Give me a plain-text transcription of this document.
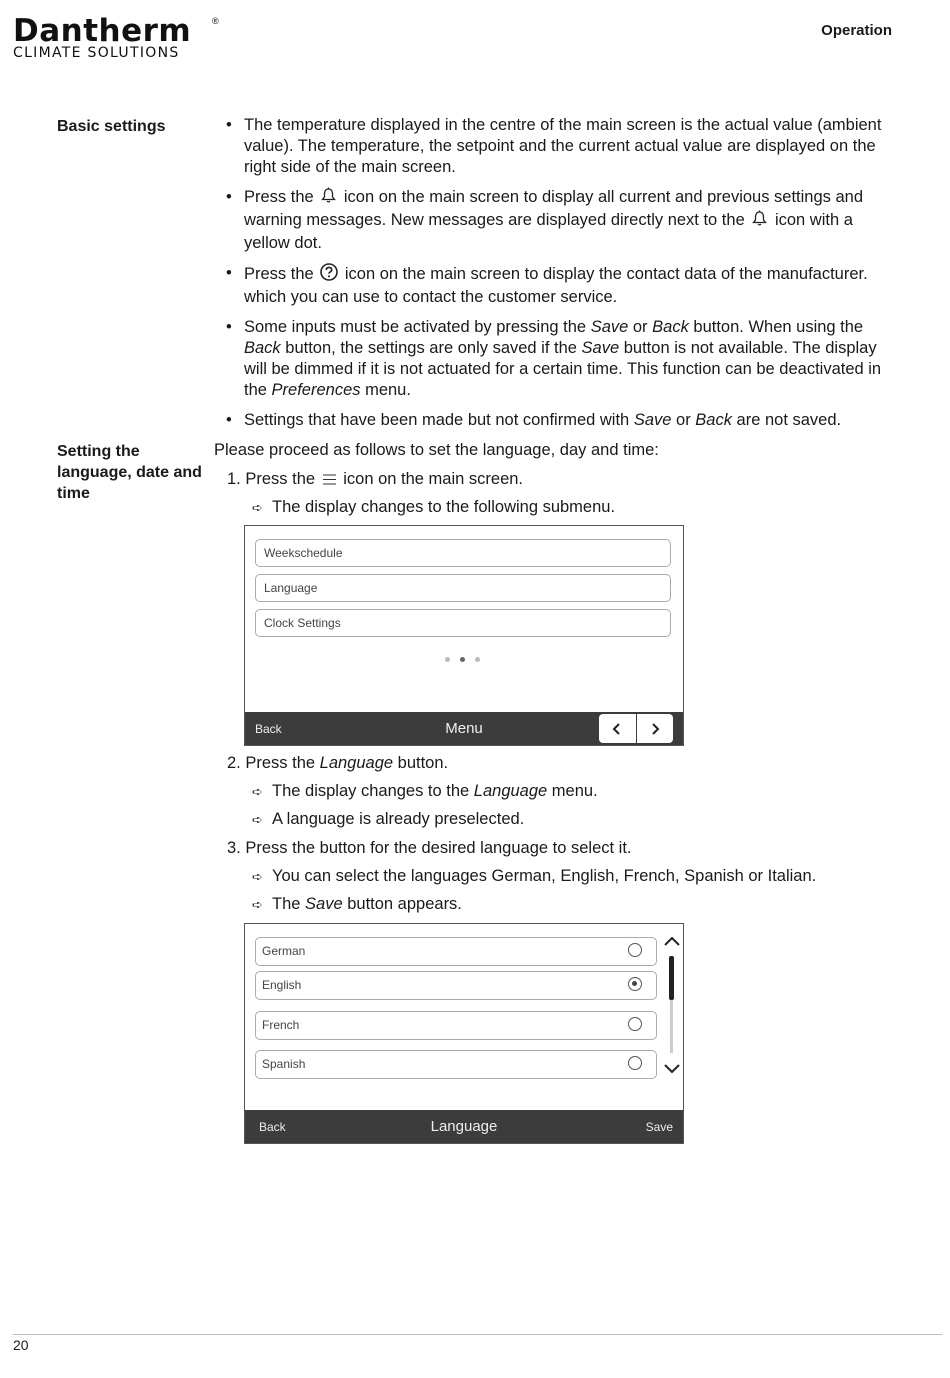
Dantherm ®
CLIMATE SOLUTIONS
Operation
Basic settings	• The temperature displayed in the centre of the main screen is the actual value (ambient value). The temperature, the setpoint and the current actual value are displayed on the right side of the main screen.
• Press the icon on the main screen to display all current and previous settings and warning messages. New messages are displayed directly next to the icon with a yellow dot.
• Press the icon on the main screen to display the contact data of the manufacturer. which you can use to contact the customer service.
• Some inputs must be activated by pressing the Save or Back button. When using the Back button, the settings are only saved if the Save button is not available. The display will be dimmed if it is not actuated for a certain time. This function can be deactivated in the Preferences menu.
• Settings that have been made but not confirmed with Save or Back are not saved.
Setting the language, date and time
Please proceed as follows to set the language, day and time:
1. Press the icon on the main screen.
➪ The display changes to the following submenu.
Weekschedule
Language
Clock Settings
Back	Menu
2. Press the Language button.
➪ The display changes to the Language menu.
➪ A language is already preselected.
3. Press the button for the desired language to select it.
➪ You can select the languages German, English, French, Spanish or Italian.
➪ The Save button appears.
German
English
French
Spanish
Back	Language	Save
20
